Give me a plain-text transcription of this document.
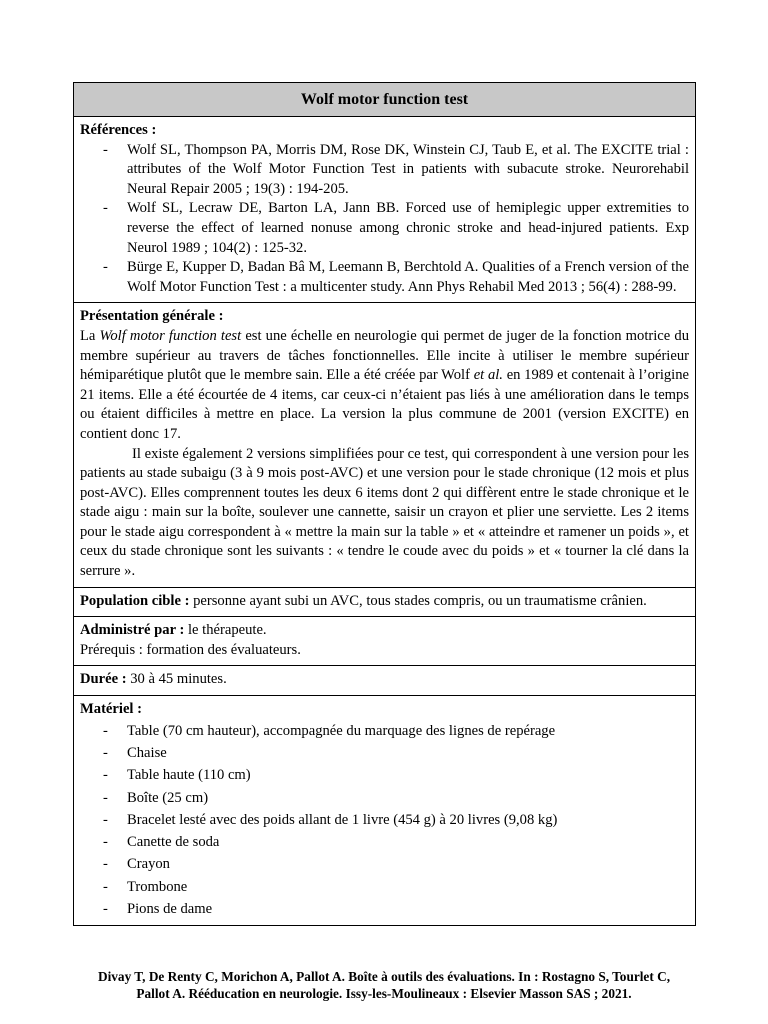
Wolf motor function test
Références :
- Wolf SL, Thompson PA, Morris DM, Rose DK, Winstein CJ, Taub E, et al. The EXCITE trial : attributes of the Wolf Motor Function Test in patients with subacute stroke. Neurorehabil Neural Repair 2005 ; 19(3) : 194-205.
- Wolf SL, Lecraw DE, Barton LA, Jann BB. Forced use of hemiplegic upper extremities to reverse the effect of learned nonuse among chronic stroke and head-injured patients. Exp Neurol 1989 ; 104(2) : 125-32.
- Bürge E, Kupper D, Badan Bâ M, Leemann B, Berchtold A. Qualities of a French version of the Wolf Motor Function Test : a multicenter study. Ann Phys Rehabil Med 2013 ; 56(4) : 288-99.
Présentation générale :
La Wolf motor function test est une échelle en neurologie qui permet de juger de la fonction motrice du membre supérieur au travers de tâches fonctionnelles. Elle incite à utiliser le membre supérieur hémiparétique plutôt que le membre sain. Elle a été créée par Wolf et al. en 1989 et contenait à l’origine 21 items. Elle a été écourtée de 4 items, car ceux-ci n’étaient pas liés à une amélioration dans le temps ou étaient difficiles à mettre en place. La version la plus commune de 2001 (version EXCITE) en contient donc 17.
Il existe également 2 versions simplifiées pour ce test, qui correspondent à une version pour les patients au stade subaigu (3 à 9 mois post-AVC) et une version pour le stade chronique (12 mois et plus post-AVC). Elles comprennent toutes les deux 6 items dont 2 qui diffèrent entre le stade chronique et le stade aigu : main sur la boîte, soulever une cannette, saisir un crayon et plier une serviette. Les 2 items pour le stade aigu correspondent à « mettre la main sur la table » et « atteindre et ramener un poids », et ceux du stade chronique sont les suivants : « tendre le coude avec du poids » et « tourner la clé dans la serrure ».
Population cible : personne ayant subi un AVC, tous stades compris, ou un traumatisme crânien.
Administré par : le thérapeute.
Prérequis : formation des évaluateurs.
Durée : 30 à 45 minutes.
Matériel :
- Table (70 cm hauteur), accompagnée du marquage des lignes de repérage
- Chaise
- Table haute (110 cm)
- Boîte (25 cm)
- Bracelet lesté avec des poids allant de 1 livre (454 g) à 20 livres (9,08 kg)
- Canette de soda
- Crayon
- Trombone
- Pions de dame
Divay T, De Renty C, Morichon A, Pallot A. Boîte à outils des évaluations. In : Rostagno S, Tourlet C,
Pallot A. Rééducation en neurologie. Issy-les-Moulineaux : Elsevier Masson SAS ; 2021.
